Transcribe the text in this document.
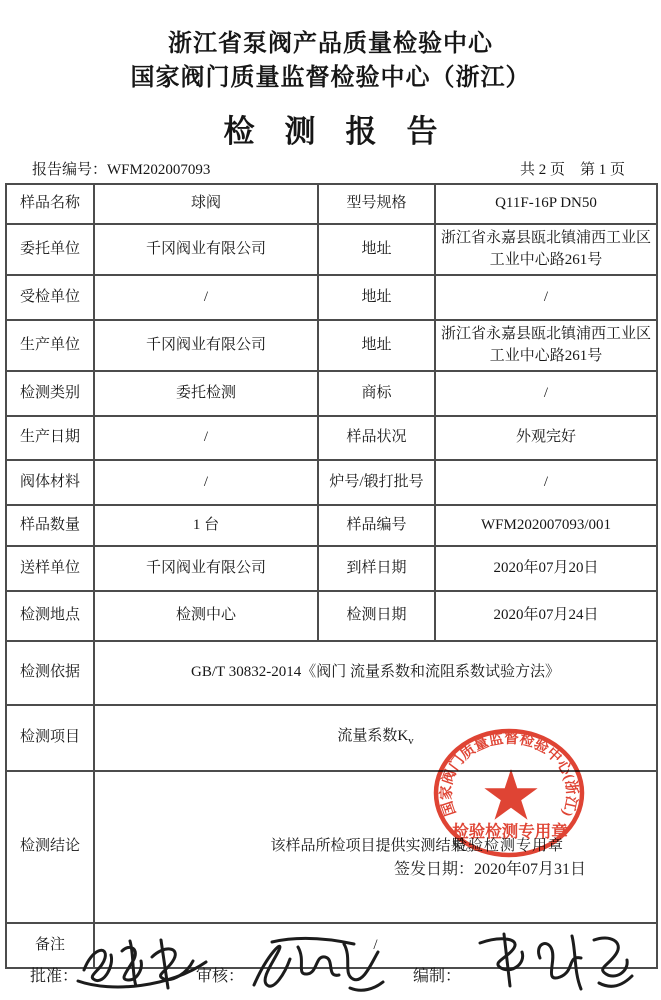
浙江省泵阀产品质量检验中心
国家阀门质量监督检验中心（浙江）
检测报告
报告编号：WFM202007093	共 2 页　第 1 页
样品名称	球阀	型号规格	Q11F-16P DN50
委托单位	千冈阀业有限公司	地址	浙江省永嘉县瓯北镇浦西工业区工业中心路261号
受检单位	/	地址	/
生产单位	千冈阀业有限公司	地址	浙江省永嘉县瓯北镇浦西工业区工业中心路261号
检测类别	委托检测	商标	/
生产日期	/	样品状况	外观完好
阀体材料	/	炉号/锻打批号	/
样品数量	1 台	样品编号	WFM202007093/001
送样单位	千冈阀业有限公司	到样日期	2020年07月20日
检测地点	检测中心	检测日期	2020年07月24日
检测依据	GB/T 30832-2014《阀门 流量系数和流阻系数试验方法》		
检测项目	流量系数$K_v$
检测结论	该样品所检项目提供实测结果。		
备注	/		
检验检测专用章
签发日期：2020年07月31日
国家阀门质量监督检验中心(浙江)
检验检测专用章
批准：	审核：	编制：
